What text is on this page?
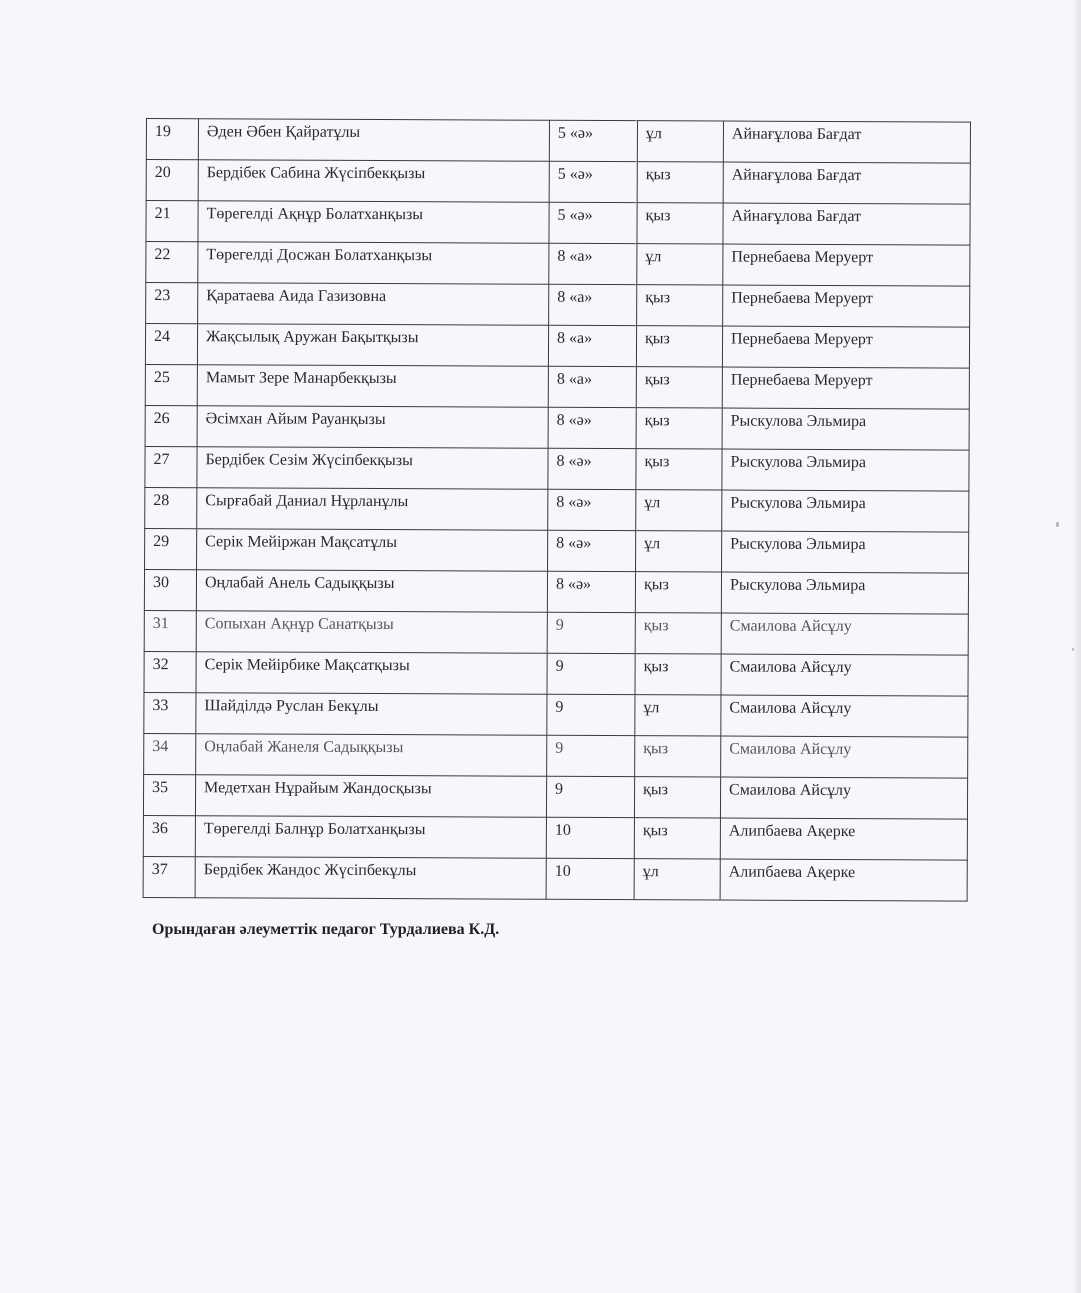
19	Әден Әбен Қайратұлы	5 «ә»	ұл	Айнағұлова Бағдат
20	Бердібек Сабина Жүсіпбекқызы	5 «ә»	қыз	Айнағұлова Бағдат
21	Төрегелді Ақнұр Болатханқызы	5 «ә»	қыз	Айнағұлова Бағдат
22	Төрегелді Досжан Болатханқызы	8 «а»	ұл	Пернебаева Меруерт
23	Қаратаева Аида Газизовна	8 «а»	қыз	Пернебаева Меруерт
24	Жақсылық Аружан Бақытқызы	8 «а»	қыз	Пернебаева Меруерт
25	Мамыт Зере Манарбекқызы	8 «а»	қыз	Пернебаева Меруерт
26	Әсімхан Айым Рауанқызы	8 «ә»	қыз	Рыскулова Эльмира
27	Бердібек Сезім Жүсіпбекқызы	8 «ә»	қыз	Рыскулова Эльмира
28	Сырғабай Даниал Нұрланұлы	8 «ә»	ұл	Рыскулова Эльмира
29	Серік Мейіржан Мақсатұлы	8 «ә»	ұл	Рыскулова Эльмира
30	Оңлабай Анель Садыққызы	8 «ә»	қыз	Рыскулова Эльмира
31	Сопыхан Ақнұр Санатқызы	9	қыз	Смаилова Айсұлу
32	Серік Мейірбике Мақсатқызы	9	қыз	Смаилова Айсұлу
33	Шайділдә Руслан Бекұлы	9	ұл	Смаилова Айсұлу
34	Оңлабай Жанеля Садыққызы	9	қыз	Смаилова Айсұлу
35	Медетхан Нұрайым Жандосқызы	9	қыз	Смаилова Айсұлу
36	Төрегелді Балнұр Болатханқызы	10	қыз	Алипбаева Ақерке
37	Бердібек Жандос Жүсіпбекұлы	10	ұл	Алипбаева Ақерке
Орындаған әлеуметтік педагог Турдалиева К.Д.
